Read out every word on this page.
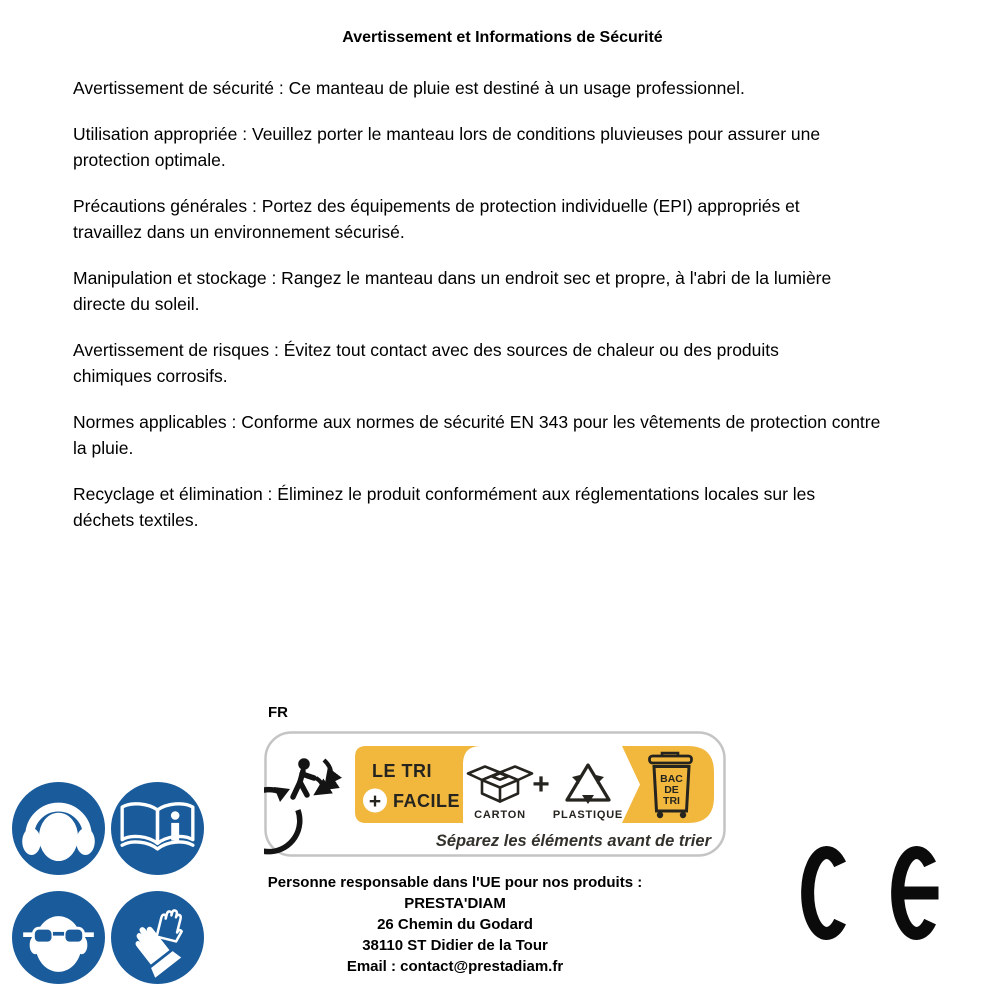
Avertissement et Informations de Sécurité
Avertissement de sécurité : Ce manteau de pluie est destiné à un usage professionnel.
Utilisation appropriée : Veuillez porter le manteau lors de conditions pluvieuses pour assurer une
protection optimale.
Précautions générales : Portez des équipements de protection individuelle (EPI) appropriés et
travaillez dans un environnement sécurisé.
Manipulation et stockage : Rangez le manteau dans un endroit sec et propre, à l'abri de la lumière
directe du soleil.
Avertissement de risques : Évitez tout contact avec des sources de chaleur ou des produits
chimiques corrosifs.
Normes applicables : Conforme aux normes de sécurité EN 343 pour les vêtements de protection contre
la pluie.
Recyclage et élimination : Éliminez le produit conformément aux réglementations locales sur les
déchets textiles.
FR
LE TRI
+ FACILE
CARTON
+
PLASTIQUE
BAC
DE
TRI
Séparez les éléments avant de trier
Personne responsable dans l'UE pour nos produits :
PRESTA'DIAM
26 Chemin du Godard
38110 ST Didier de la Tour
Email : contact@prestadiam.fr
